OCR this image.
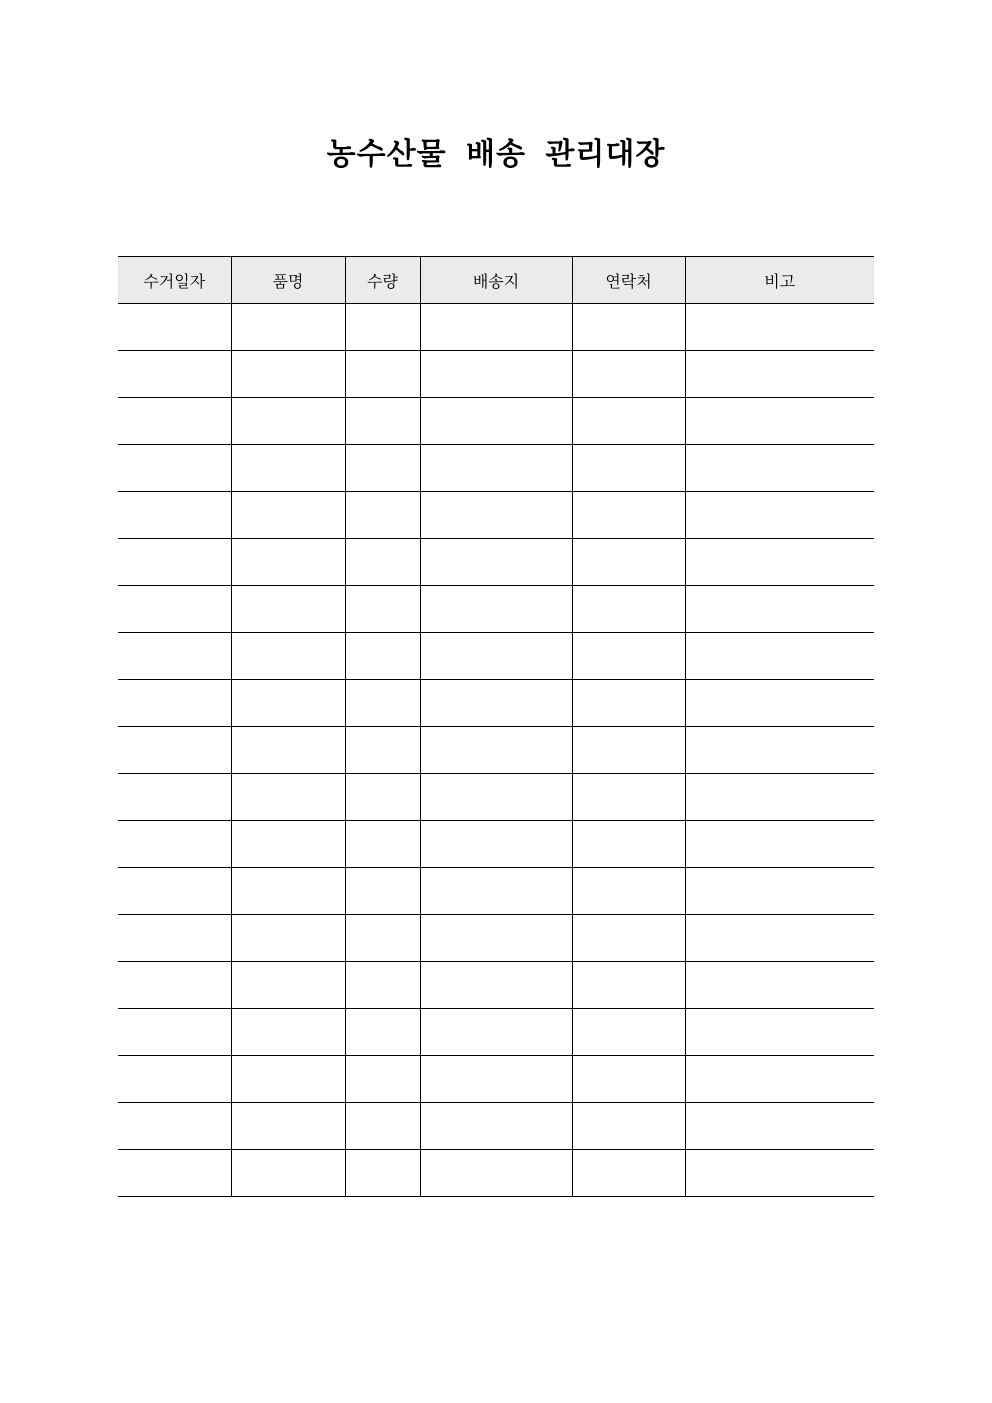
농수산물 배송 관리대장
수거일자	품명	수량	배송지	연락처	비고
